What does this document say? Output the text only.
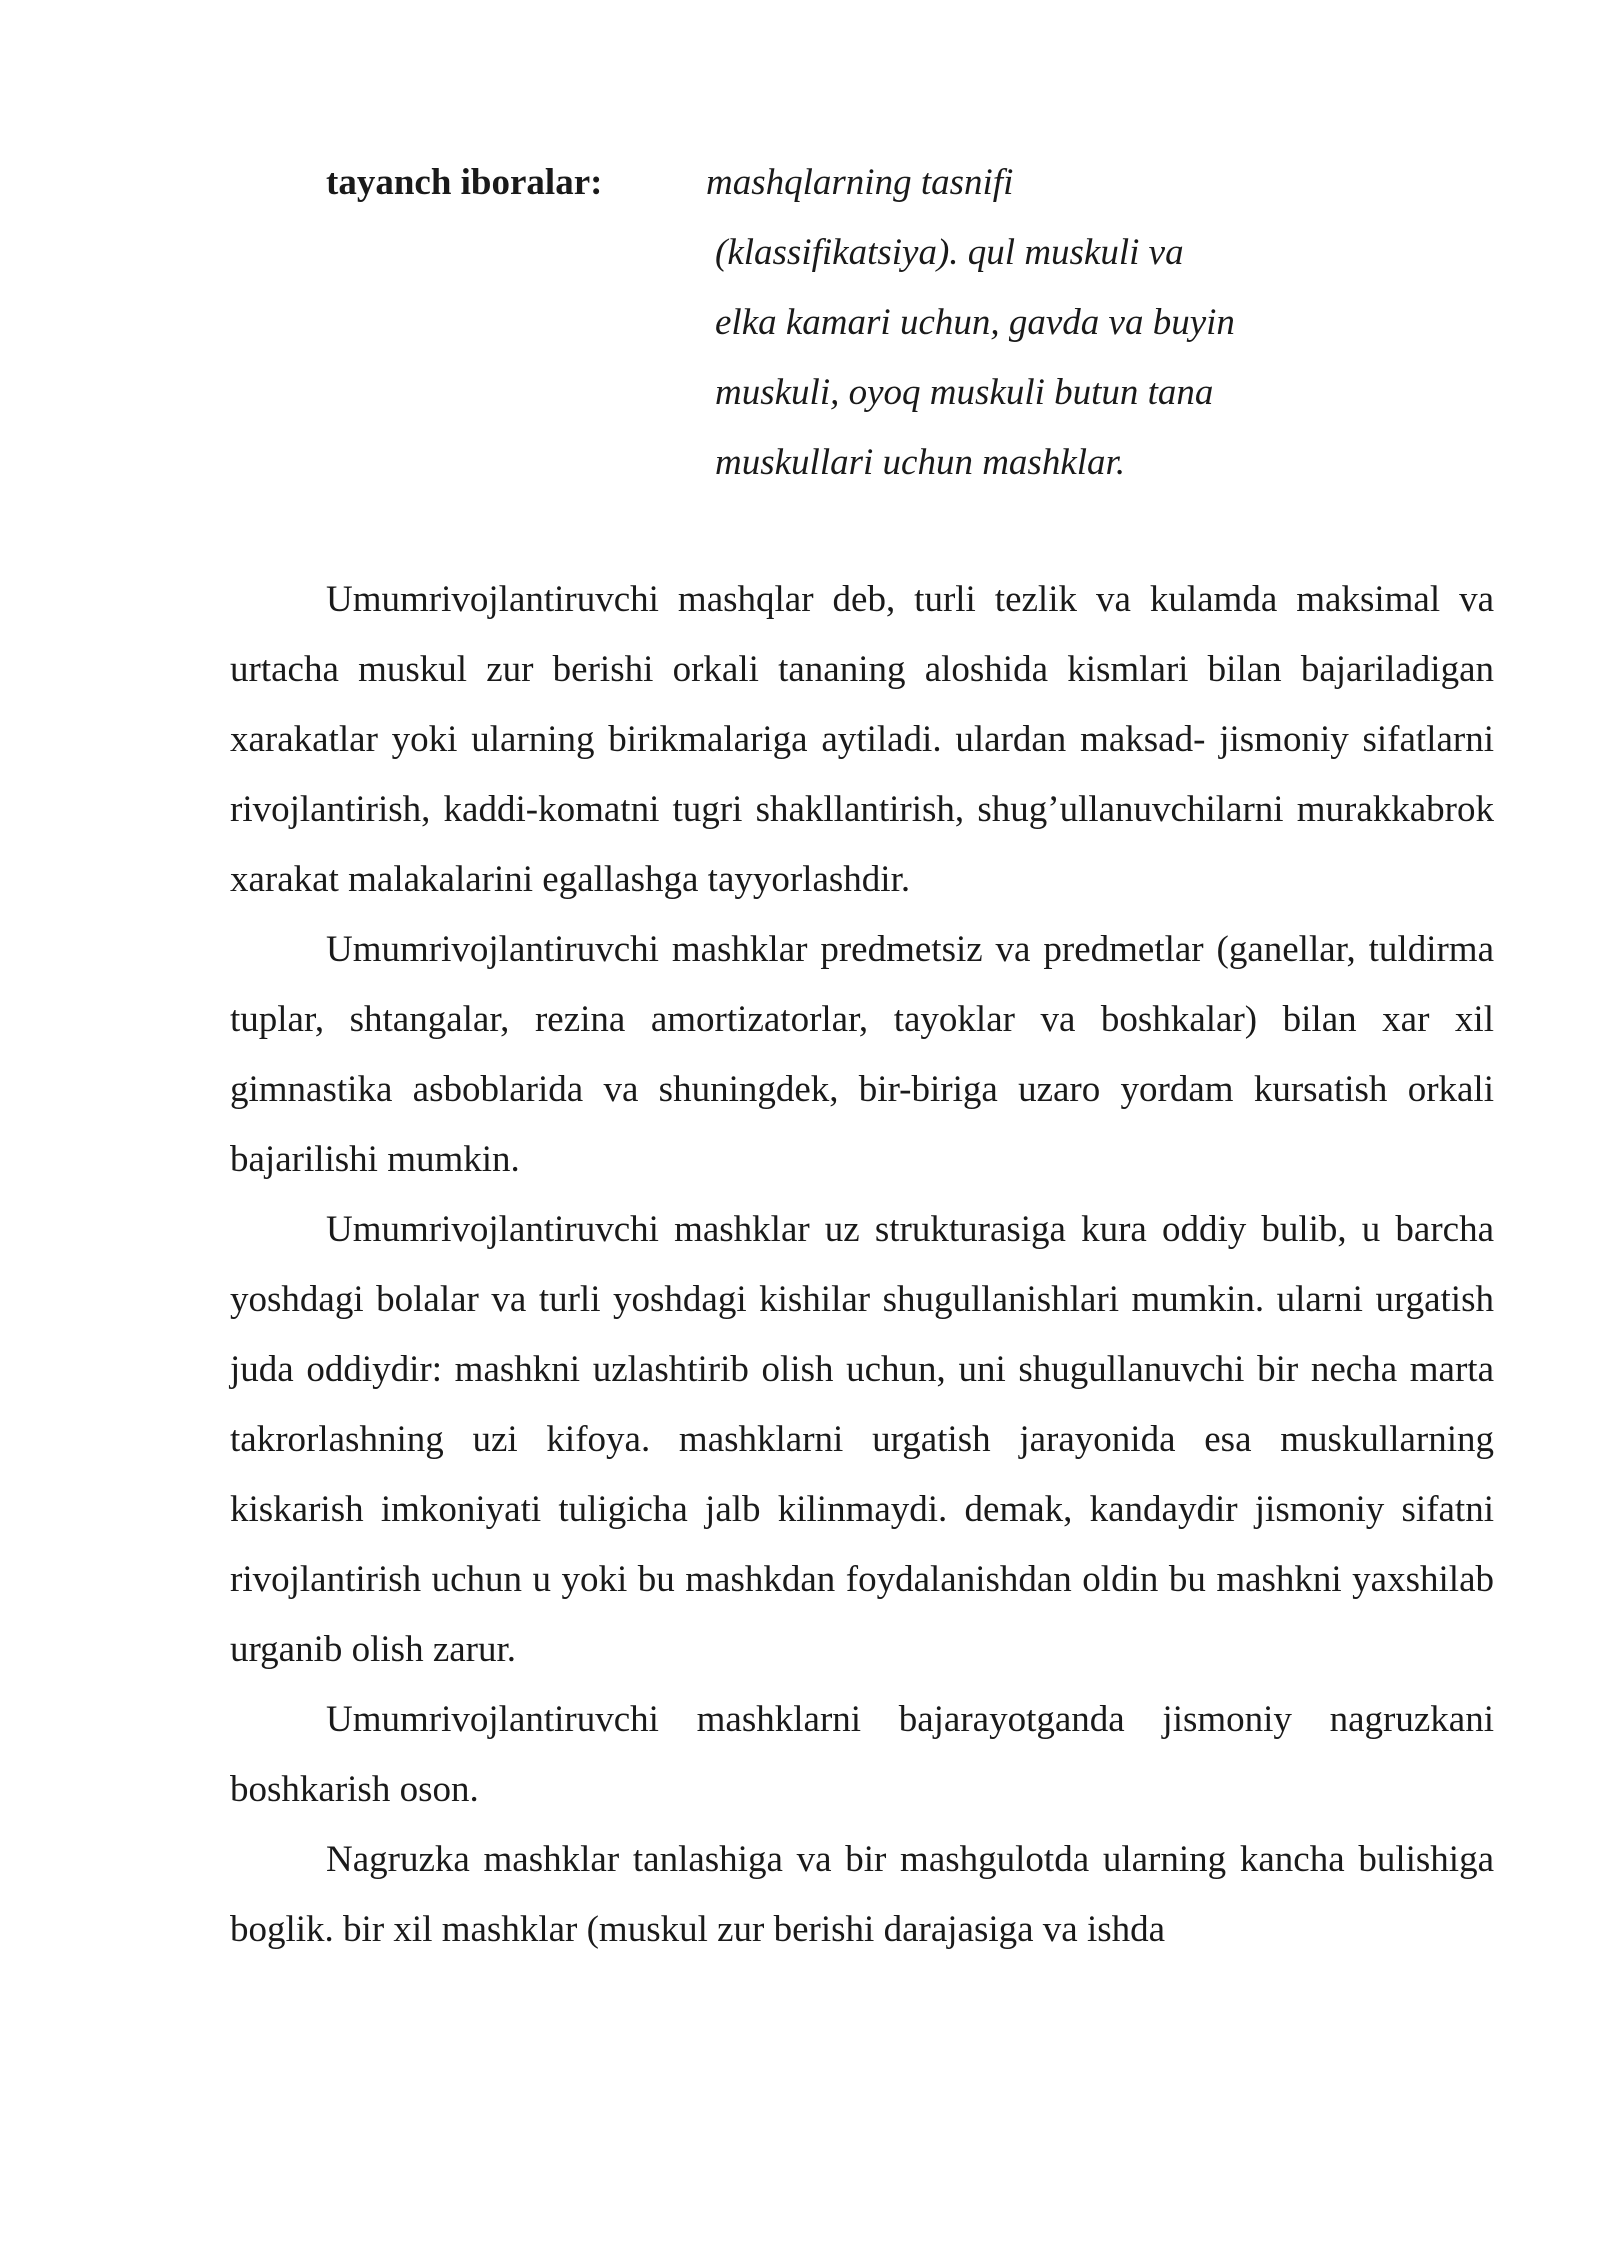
tayanch iboralar:	mashqlarning tasnifi
(klassifikatsiya). qul muskuli va
elka kamari uchun, gavda va buyin
muskuli, oyoq muskuli butun tana
muskullari uchun mashklar.

Umumrivojlantiruvchi mashqlar deb, turli tezlik va kulamda maksimal va urtacha muskul zur berishi orkali tananing aloshida kismlari bilan bajariladigan xarakatlar yoki ularning birikmalariga aytiladi. ulardan maksad- jismoniy sifatlarni rivojlantirish, kaddi-komatni tugri shakllantirish, shug’ullanuvchilarni murakkabrok xarakat malakalarini egallashga tayyorlashdir.

Umumrivojlantiruvchi mashklar predmetsiz va predmetlar (ganellar, tuldirma tuplar, shtangalar, rezina amortizatorlar, tayoklar va boshkalar) bilan xar xil gimnastika asboblarida va shuningdek, bir-biriga uzaro yordam kursatish orkali bajarilishi mumkin.

Umumrivojlantiruvchi mashklar uz strukturasiga kura oddiy bulib, u barcha yoshdagi bolalar va turli yoshdagi kishilar shugullanishlari mumkin. ularni urgatish juda oddiydir: mashkni uzlashtirib olish uchun, uni shugullanuvchi bir necha marta takrorlashning uzi kifoya. mashklarni urgatish jarayonida esa muskullarning kiskarish imkoniyati tuligicha jalb kilinmaydi. demak, kandaydir jismoniy sifatni rivojlantirish uchun u yoki bu mashkdan foydalanishdan oldin bu mashkni yaxshilab urganib olish zarur.

Umumrivojlantiruvchi mashklarni bajarayotganda jismoniy nagruzkani boshkarish oson.

Nagruzka mashklar tanlashiga va bir mashgulotda ularning kancha bulishiga boglik. bir xil mashklar (muskul zur berishi darajasiga va ishda
